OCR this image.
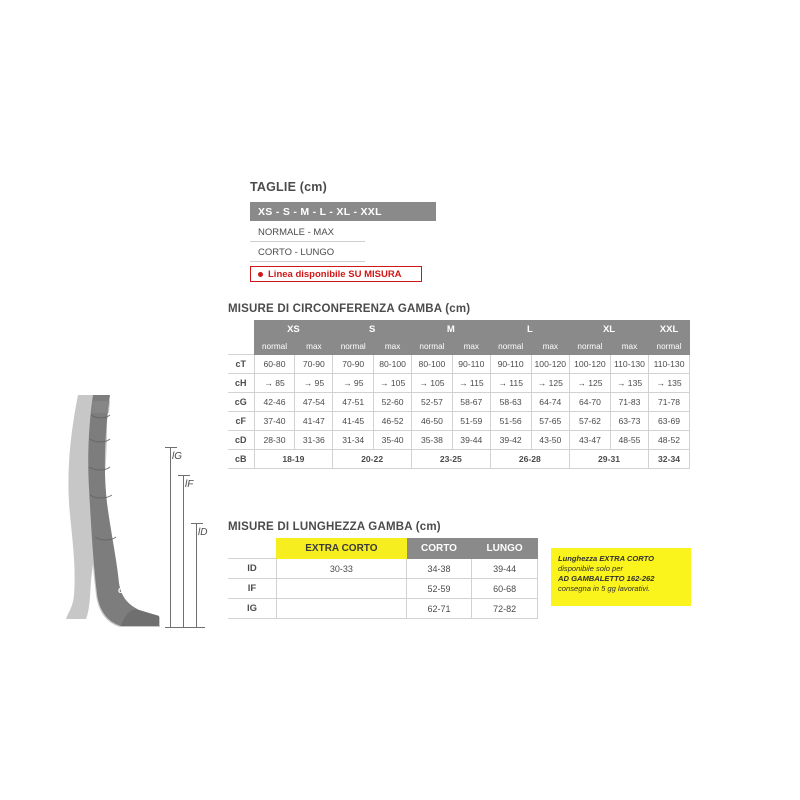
TAGLIE (cm)
XS - S - M - L - XL - XXL
NORMALE - MAX
CORTO - LUNGO
Linea disponibile SU MISURA
MISURE DI CIRCONFERENZA GAMBA (cm)
	XS		S		M		L		XL		XXL
	normal	max	normal	max	normal	max	normal	max	normal	max	normal
cT	60-80	70-90	70-90	80-100	80-100	90-110	90-110	100-120	100-120	110-130	110-130
cH	→ 85	→ 95	→ 95	→ 105	→ 105	→ 115	→ 115	→ 125	→ 125	→ 135	→ 135
cG	42-46	47-54	47-51	52-60	52-57	58-67	58-63	64-74	64-70	71-83	71-78
cF	37-40	41-47	41-45	46-52	46-50	51-59	51-56	57-65	57-62	63-73	63-69
cD	28-30	31-36	31-34	35-40	35-38	39-44	39-42	43-50	43-47	48-55	48-52
cB	18-19		20-22		23-25		26-28		29-31		32-34
MISURE DI LUNGHEZZA GAMBA (cm)
	EXTRA CORTO	CORTO	LUNGO
lD	30-33	34-38	39-44
lF		52-59	60-68
lG		62-71	72-82
Lunghezza EXTRA CORTO
disponibile solo per
AD GAMBALETTO 162-262
consegna in 5 gg lavorativi.
cT
cH
cG
cF
cD
cB
lG
lF
lD
